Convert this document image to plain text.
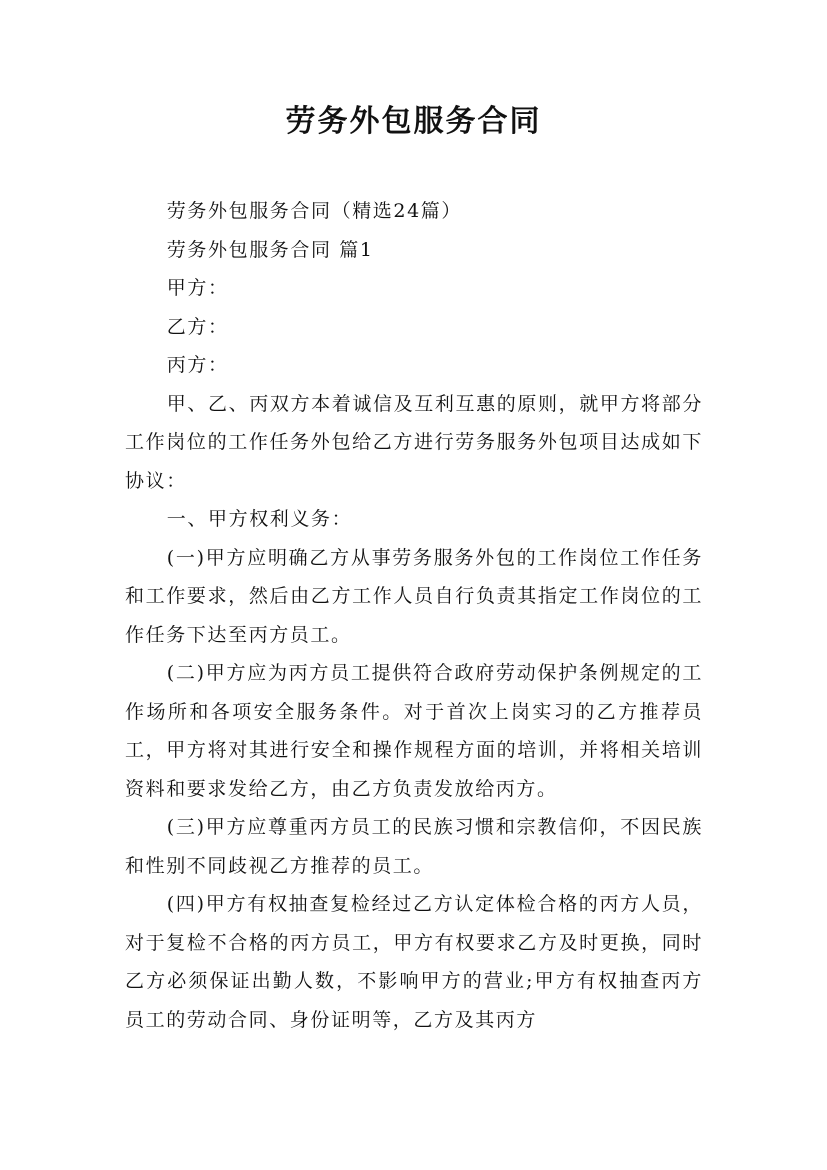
劳务外包服务合同

劳务外包服务合同（精选24篇）

劳务外包服务合同 篇1

甲方：

乙方：

丙方：

甲、乙、丙双方本着诚信及互利互惠的原则，就甲方将部分工作岗位的工作任务外包给乙方进行劳务服务外包项目达成如下协议：

一、甲方权利义务：

(一)甲方应明确乙方从事劳务服务外包的工作岗位工作任务和工作要求，然后由乙方工作人员自行负责其指定工作岗位的工作任务下达至丙方员工。

(二)甲方应为丙方员工提供符合政府劳动保护条例规定的工作场所和各项安全服务条件。对于首次上岗实习的乙方推荐员工，甲方将对其进行安全和操作规程方面的培训，并将相关培训资料和要求发给乙方，由乙方负责发放给丙方。

(三)甲方应尊重丙方员工的民族习惯和宗教信仰，不因民族和性别不同歧视乙方推荐的员工。

(四)甲方有权抽查复检经过乙方认定体检合格的丙方人员，对于复检不合格的丙方员工，甲方有权要求乙方及时更换，同时乙方必须保证出勤人数，不影响甲方的营业;甲方有权抽查丙方员工的劳动合同、身份证明等，乙方及其丙方
